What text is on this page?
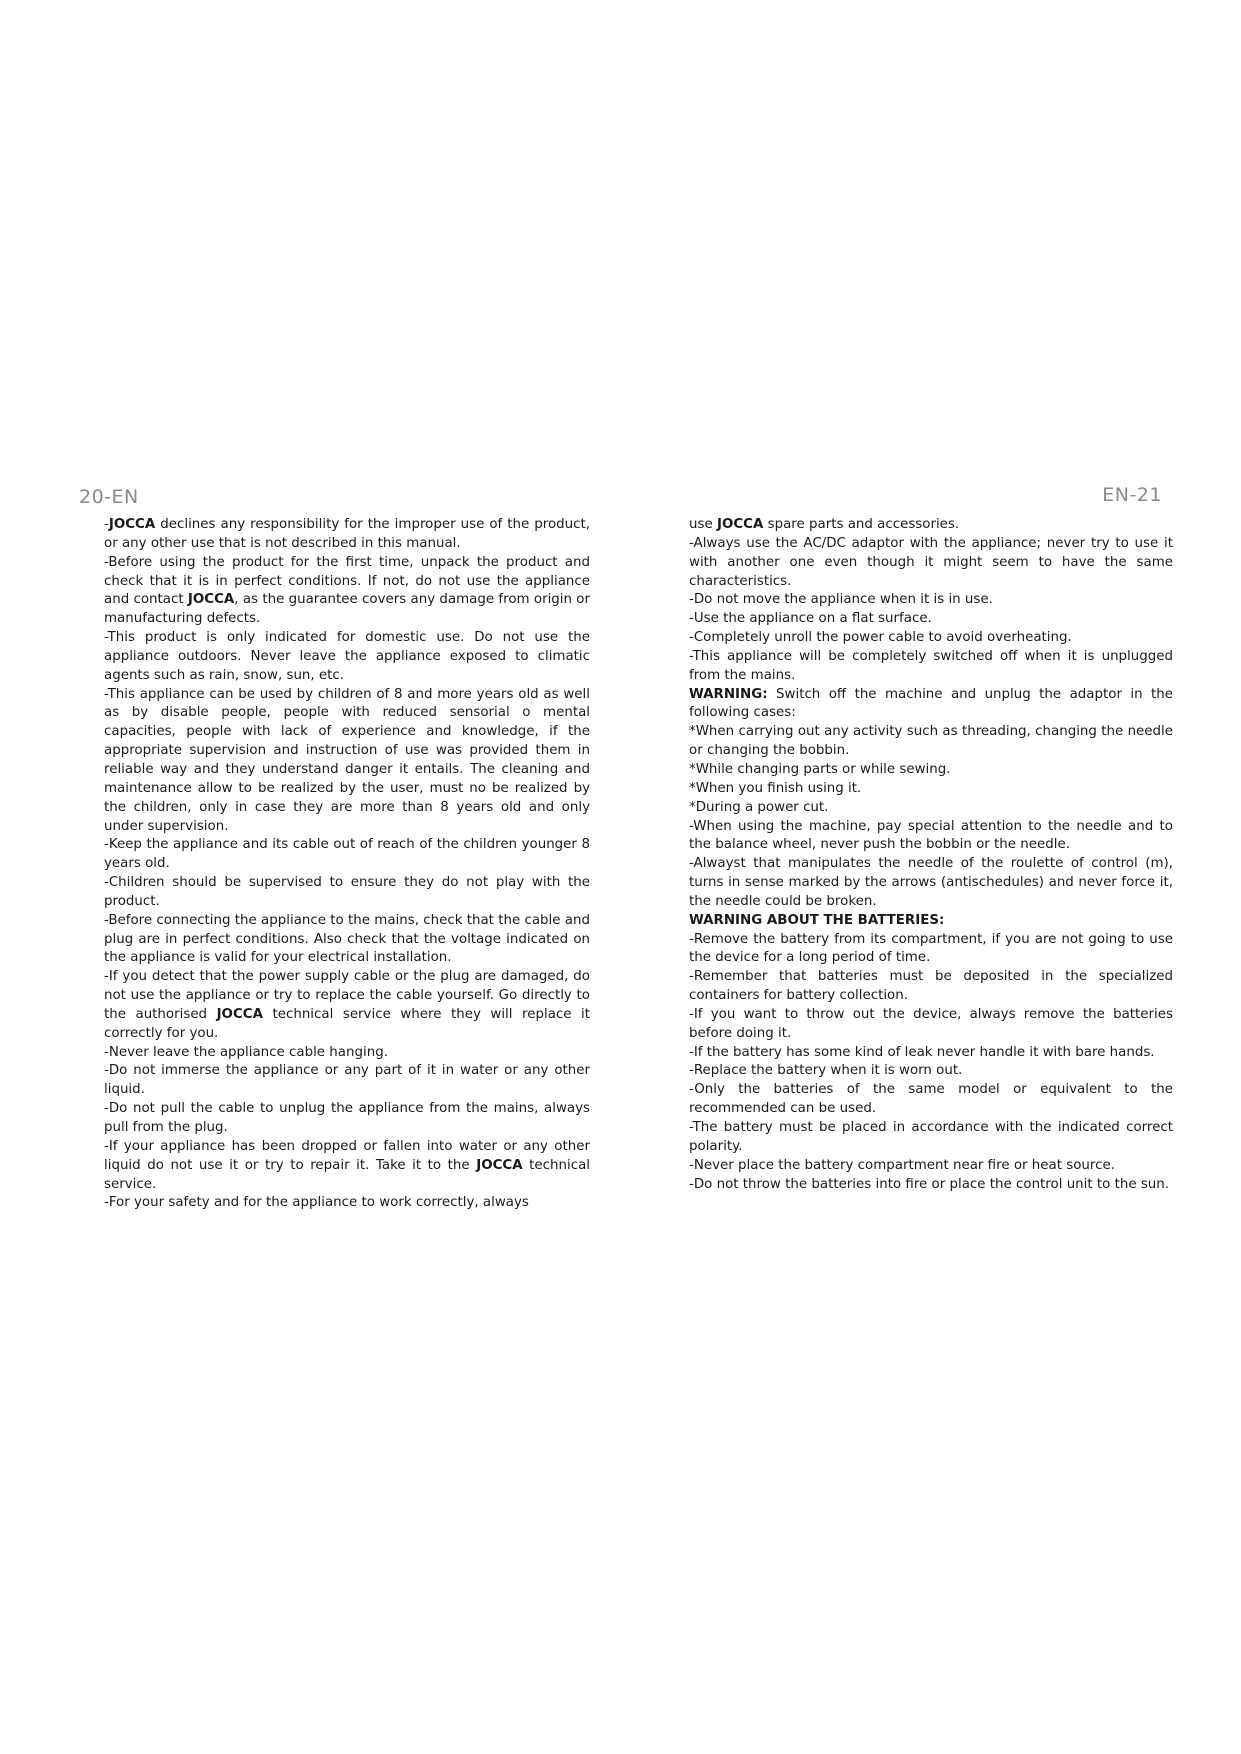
20-EN	EN-21

-JOCCA declines any responsibility for the improper use of the product, or any other use that is not described in this manual.

-Before using the product for the first time, unpack the product and check that it is in perfect conditions. If not, do not use the appliance and contact JOCCA, as the guarantee covers any damage from origin or manufacturing defects.

-This product is only indicated for domestic use. Do not use the appliance outdoors. Never leave the appliance exposed to climatic agents such as rain, snow, sun, etc.

-This appliance can be used by children of 8 and more years old as well as by disable people, people with reduced sensorial o mental capacities, people with lack of experience and knowledge, if the appropriate supervision and instruction of use was provided them in reliable way and they understand danger it entails. The cleaning and maintenance allow to be realized by the user, must no be realized by the children, only in case they are more than 8 years old and only under supervision.

-Keep the appliance and its cable out of reach of the children younger 8 years old.

-Children should be supervised to ensure they do not play with the product.

-Before connecting the appliance to the mains, check that the cable and plug are in perfect conditions. Also check that the voltage indicated on the appliance is valid for your electrical installation.

-If you detect that the power supply cable or the plug are damaged, do not use the appliance or try to replace the cable yourself. Go directly to the authorised JOCCA technical service where they will replace it correctly for you.

-Never leave the appliance cable hanging.

-Do not immerse the appliance or any part of it in water or any other liquid.

-Do not pull the cable to unplug the appliance from the mains, always pull from the plug.

-If your appliance has been dropped or fallen into water or any other liquid do not use it or try to repair it. Take it to the JOCCA technical service.

-For your safety and for the appliance to work correctly, always

use JOCCA spare parts and accessories.

-Always use the AC/DC adaptor with the appliance; never try to use it with another one even though it might seem to have the same characteristics.

-Do not move the appliance when it is in use.

-Use the appliance on a flat surface.

-Completely unroll the power cable to avoid overheating.

-This appliance will be completely switched off when it is unplugged from the mains.

WARNING: Switch off the machine and unplug the adaptor in the following cases:

*When carrying out any activity such as threading, changing the needle or changing the bobbin.

*While changing parts or while sewing.

*When you finish using it.

*During a power cut.

-When using the machine, pay special attention to the needle and to the balance wheel, never push the bobbin or the needle.

-Alwayst that manipulates the needle of the roulette of control (m), turns in sense marked by the arrows (antischedules) and never force it, the needle could be broken.

WARNING ABOUT THE BATTERIES:

-Remove the battery from its compartment, if you are not going to use the device for a long period of time.

-Remember that batteries must be deposited in the specialized containers for battery collection.

-If you want to throw out the device, always remove the batteries before doing it.

-If the battery has some kind of leak never handle it with bare hands.

-Replace the battery when it is worn out.

-Only the batteries of the same model or equivalent to the recommended can be used.

-The battery must be placed in accordance with the indicated correct polarity.

-Never place the battery compartment near fire or heat source.

-Do not throw the batteries into fire or place the control unit to the sun.
